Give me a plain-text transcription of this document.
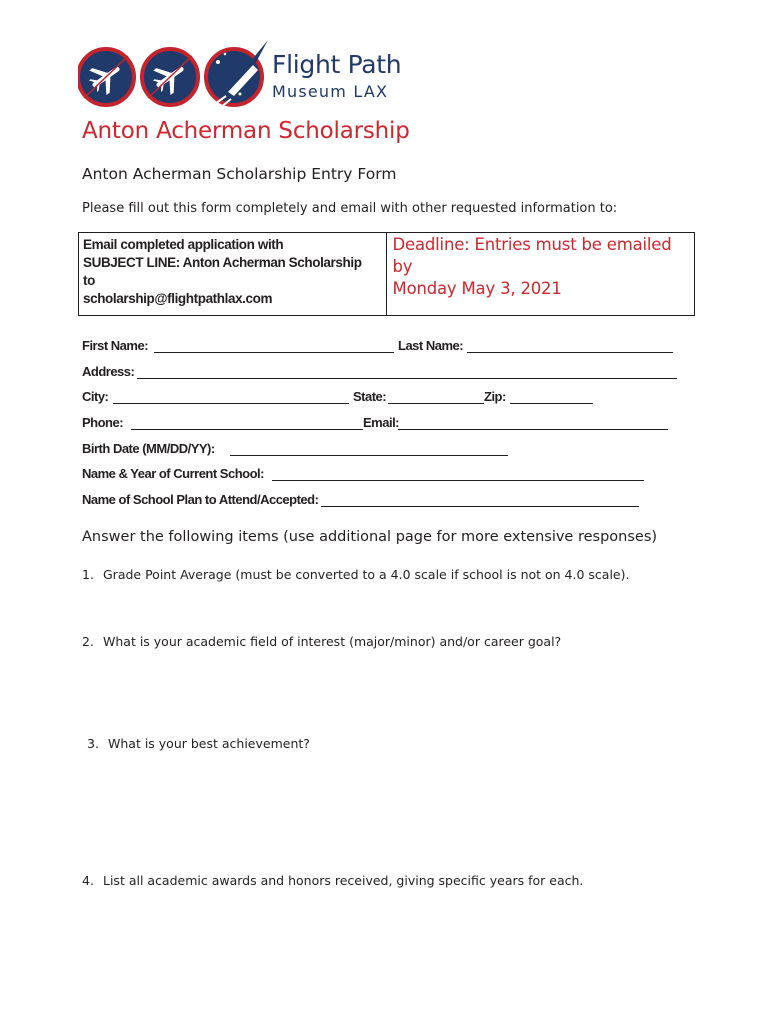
Flight Path
Museum LAX
Anton Acherman Scholarship
Anton Acherman Scholarship Entry Form
Please fill out this form completely and email with other requested information to:
Email completed application with
SUBJECT LINE: Anton Acherman Scholarship
to
scholarship@flightpathlax.com
Deadline: Entries must be emailed by
Monday May 3, 2021
First Name:	Last Name:
Address:
City:	State:	Zip:
Phone:	Email:
Birth Date (MM/DD/YY):
Name & Year of Current School:
Name of School Plan to Attend/Accepted:
Answer the following items (use additional page for more extensive responses)
1. Grade Point Average (must be converted to a 4.0 scale if school is not on 4.0 scale).
2. What is your academic field of interest (major/minor) and/or career goal?
3. What is your best achievement?
4. List all academic awards and honors received, giving specific years for each.
